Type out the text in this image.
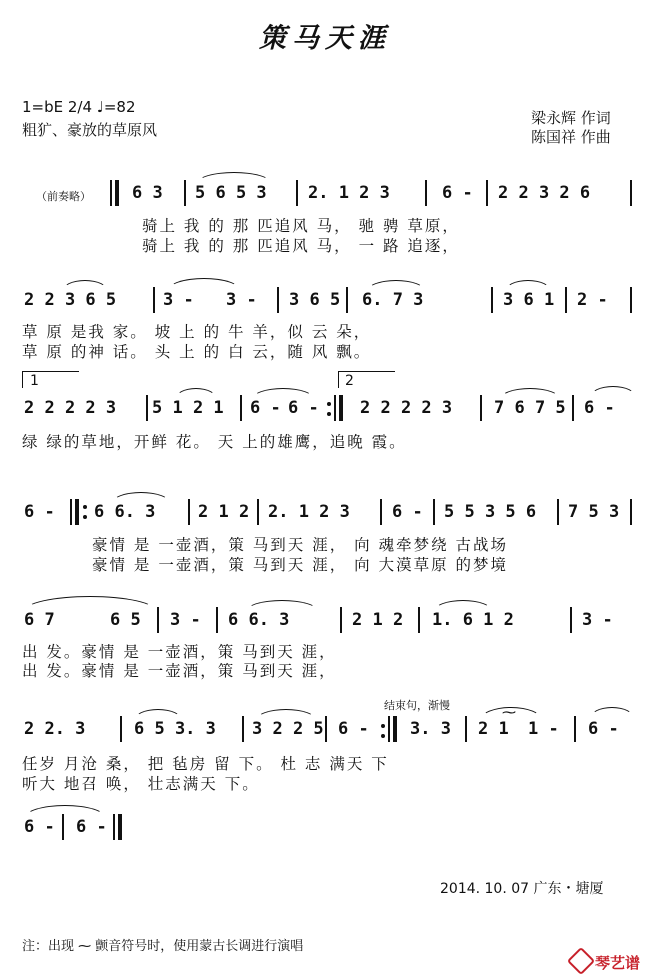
策马天涯
1=bE 2/4 ♩=82
粗犷、豪放的草原风
梁永辉 作词
陈国祥 作曲
（前奏略） 6 3 5 6 5 3 2. 1 2 3	6 - 2 2 3 2 6
骑上 我 的 那 匹追风 马， 驰 骋 草原，
骑上 我 的 那 匹追风 马， 一 路 追逐，
2 2 3 6 5	3 - 3 - 3 6 5 6. 7 3	3 6 1 2 -
草 原 是我 家。 坡 上 的 牛 羊，似 云 朵，
草 原 的神 话。 头 上 的 白 云，随 风 飘。
1	2
2 2 2 2 3 5 1 2 1 6 - 6 - 2 2 2 2 3 7 6 7 5 6 -
绿 绿的草地，开鲜 花。 天 上的雄鹰，追晚 霞。
6 - 6 6. 3	2 1 2 2. 1 2 3 6 - 5 5 3 5 6 7 5 3
豪情 是 一壶酒，策 马到天 涯， 向 魂牵梦绕 古战场
豪情 是 一壶酒，策 马到天 涯， 向 大漠草原 的梦境
6 7	6 5 3 - 6 6. 3	2 1 2 1. 6 1 2	3 -
出 发。豪情 是 一壶酒，策 马到天 涯，
出 发。豪情 是 一壶酒，策 马到天 涯，
结束句，渐慢
2 2. 3	6 5 3. 3 3 2 2 5 6 - 3. 3 2 1
⁓
1 - 6 -
任岁 月沧 桑， 把 毡房 留 下。 杜 志 满天 下
听大 地召 唤， 壮志满天 下。
6 - 6 -
2014. 10. 07 广东・塘厦
注：出现 ⁓ 颤音符号时，使用蒙古长调进行演唱
琴艺谱
